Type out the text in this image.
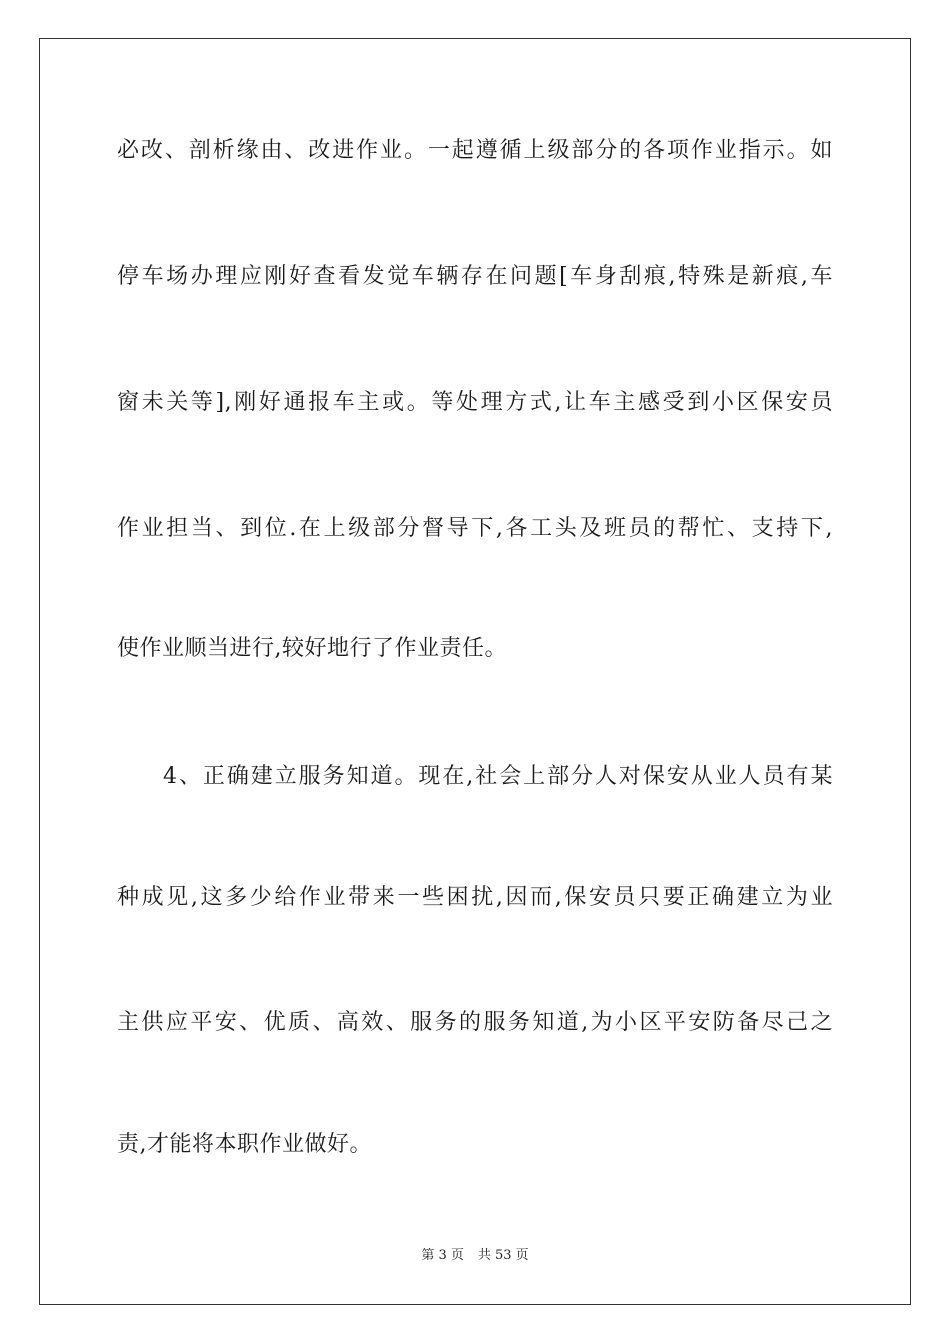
必改、剖析缘由、改进作业。一起遵循上级部分的各项作业指示。如
停车场办理应刚好查看发觉车辆存在问题[车身刮痕,特殊是新痕,车
窗未关等],刚好通报车主或。等处理方式,让车主感受到小区保安员
作业担当、到位.在上级部分督导下,各工头及班员的帮忙、支持下,
使作业顺当进行,较好地行了作业责任。
4、正确建立服务知道。现在,社会上部分人对保安从业人员有某
种成见,这多少给作业带来一些困扰,因而,保安员只要正确建立为业
主供应平安、优质、高效、服务的服务知道,为小区平安防备尽己之
责,才能将本职作业做好。
第 3 页 共 53 页
